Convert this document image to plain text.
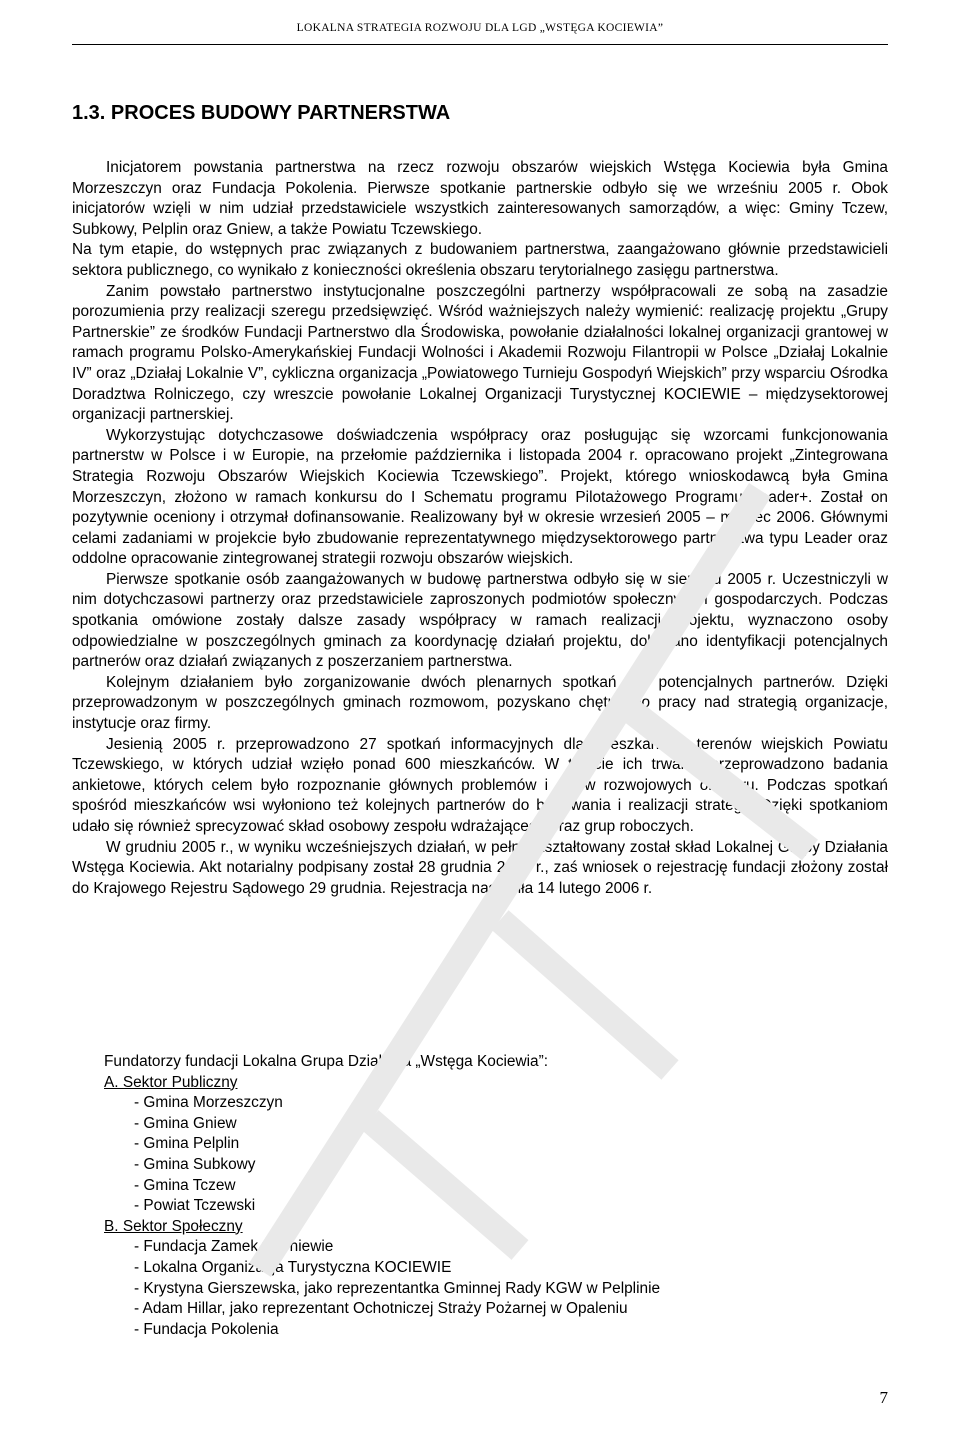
LOKALNA STRATEGIA ROZWOJU DLA LGD „WSTĘGA KOCIEWIA”
1.3. PROCES BUDOWY PARTNERSTWA

Inicjatorem powstania partnerstwa na rzecz rozwoju obszarów wiejskich Wstęga Kociewia była Gmina Morzeszczyn oraz Fundacja Pokolenia. Pierwsze spotkanie partnerskie odbyło się we wrześniu 2005 r. Obok inicjatorów wzięli w nim udział przedstawiciele wszystkich zainteresowanych samorządów, a więc: Gminy Tczew, Subkowy, Pelplin oraz Gniew, a także Powiatu Tczewskiego.

Na tym etapie, do wstępnych prac związanych z budowaniem partnerstwa, zaangażowano głównie przedstawicieli sektora publicznego, co wynikało z konieczności określenia obszaru terytorialnego zasięgu partnerstwa.

Zanim powstało partnerstwo instytucjonalne poszczególni partnerzy współpracowali ze sobą na zasadzie porozumienia przy realizacji szeregu przedsięwzięć. Wśród ważniejszych należy wymienić: realizację projektu „Grupy Partnerskie” ze środków Fundacji Partnerstwo dla Środowiska, powołanie działalności lokalnej organizacji grantowej w ramach programu Polsko-Amerykańskiej Fundacji Wolności i Akademii Rozwoju Filantropii w Polsce „Działaj Lokalnie IV” oraz „Działaj Lokalnie V”, cykliczna organizacja „Powiatowego Turnieju Gospodyń Wiejskich” przy wsparciu Ośrodka Doradztwa Rolniczego, czy wreszcie powołanie Lokalnej Organizacji Turystycznej KOCIEWIE – międzysektorowej organizacji partnerskiej.

Wykorzystując dotychczasowe doświadczenia współpracy oraz posługując się wzorcami funkcjonowania partnerstw w Polsce i w Europie, na przełomie października i listopada 2004 r. opracowano projekt „Zintegrowana Strategia Rozwoju Obszarów Wiejskich Kociewia Tczewskiego”. Projekt, którego wnioskodawcą była Gmina Morzeszczyn, złożono w ramach konkursu do I Schematu programu Pilotażowego Programu Leader+. Został on pozytywnie oceniony i otrzymał dofinansowanie. Realizowany był w okresie wrzesień 2005 – marzec 2006. Głównymi celami zadaniami w projekcie było zbudowanie reprezentatywnego międzysektorowego partnerstwa typu Leader oraz oddolne opracowanie zintegrowanej strategii rozwoju obszarów wiejskich.

Pierwsze spotkanie osób zaangażowanych w budowę partnerstwa odbyło się w sierpniu 2005 r. Uczestniczyli w nim dotychczasowi partnerzy oraz przedstawiciele zaproszonych podmiotów społecznych i gospodarczych. Podczas spotkania omówione zostały dalsze zasady współpracy w ramach realizacji projektu, wyznaczono osoby odpowiedzialne w poszczególnych gminach za koordynację działań projektu, dokonano identyfikacji potencjalnych partnerów oraz działań związanych z poszerzaniem partnerstwa.

Kolejnym działaniem było zorganizowanie dwóch plenarnych spotkań dla potencjalnych partnerów. Dzięki przeprowadzonym w poszczególnych gminach rozmowom, pozyskano chętne do pracy nad strategią organizacje, instytucje oraz firmy.

Jesienią 2005 r. przeprowadzono 27 spotkań informacyjnych dla mieszkańców terenów wiejskich Powiatu Tczewskiego, w których udział wzięło ponad 600 mieszkańców. W trakcie ich trwania przeprowadzono badania ankietowe, których celem było rozpoznanie głównych problemów i celów rozwojowych obszaru. Podczas spotkań spośród mieszkańców wsi wyłoniono też kolejnych partnerów do budowania i realizacji strategii. Dzięki spotkaniom udało się również sprecyzować skład osobowy zespołu wdrażającego oraz grup roboczych.

W grudniu 2005 r., w wyniku wcześniejszych działań, w pełni ukształtowany został skład Lokalnej Grupy Działania Wstęga Kociewia. Akt notarialny podpisany został 28 grudnia 2005 r., zaś wniosek o rejestrację fundacji złożony został do Krajowego Rejestru Sądowego 29 grudnia. Rejestracja nastąpiła 14 lutego 2006 r.

Fundatorzy fundacji Lokalna Grupa Działania „Wstęga Kociewia”:
A. Sektor Publiczny
- Gmina Morzeszczyn
- Gmina Gniew
- Gmina Pelplin
- Gmina Subkowy
- Gmina Tczew
- Powiat Tczewski
B. Sektor Społeczny
- Fundacja Zamek w Gniewie
- Lokalna Organizacja Turystyczna KOCIEWIE
- Krystyna Gierszewska, jako reprezentantka Gminnej Rady KGW w Pelplinie
- Adam Hillar, jako reprezentant Ochotniczej Straży Pożarnej w Opaleniu
- Fundacja Pokolenia
7
